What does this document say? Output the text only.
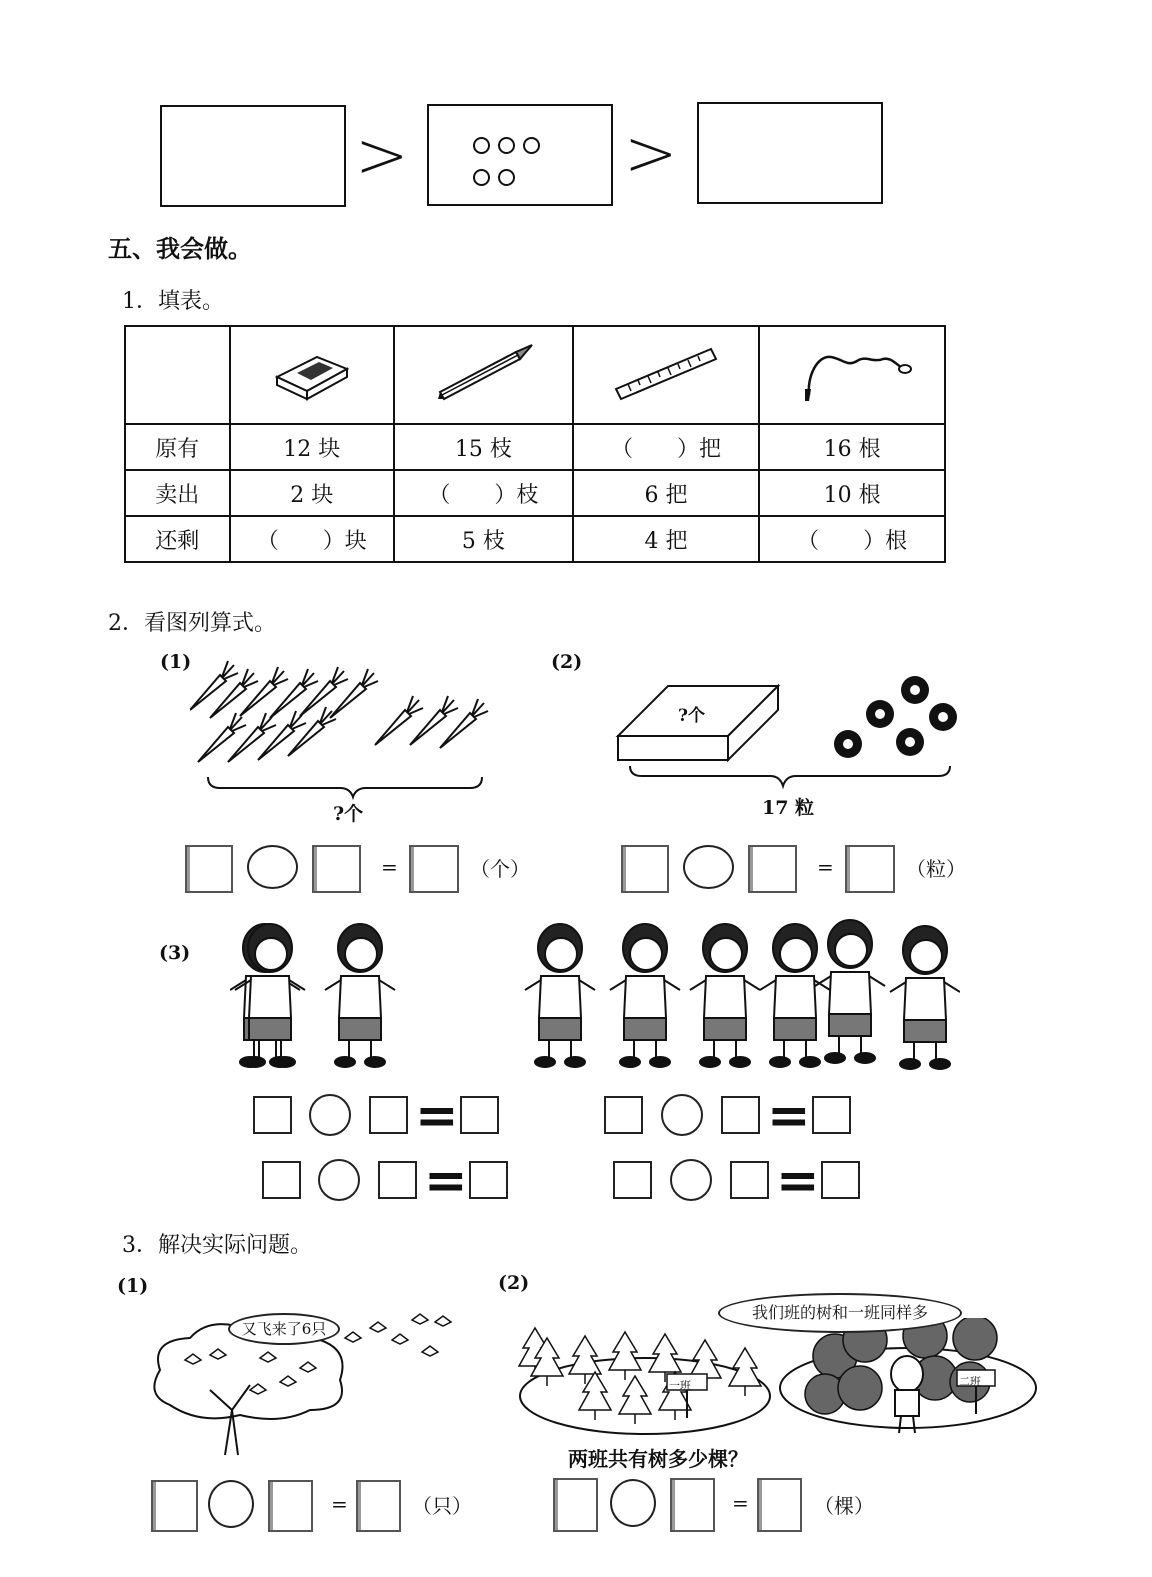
>	>
五、我会做。
1．填表。

原有	12 块	15 枝	（　　）把	16 根
卖出	2 块	（　　）枝	6 把	10 根
还剩	（　　）块	5 枝	4 把	（　　）根
2．看图列算式。
(1)
?个
=	（个）
(2)
?个
17 粒
=	（粒）
(3)
=	=
=	=
3．解决实际问题。
(1)
又飞来了6只
=	（只）
(2)
我们班的树和一班同样多
一班	二班
两班共有树多少棵？
=	（棵）
